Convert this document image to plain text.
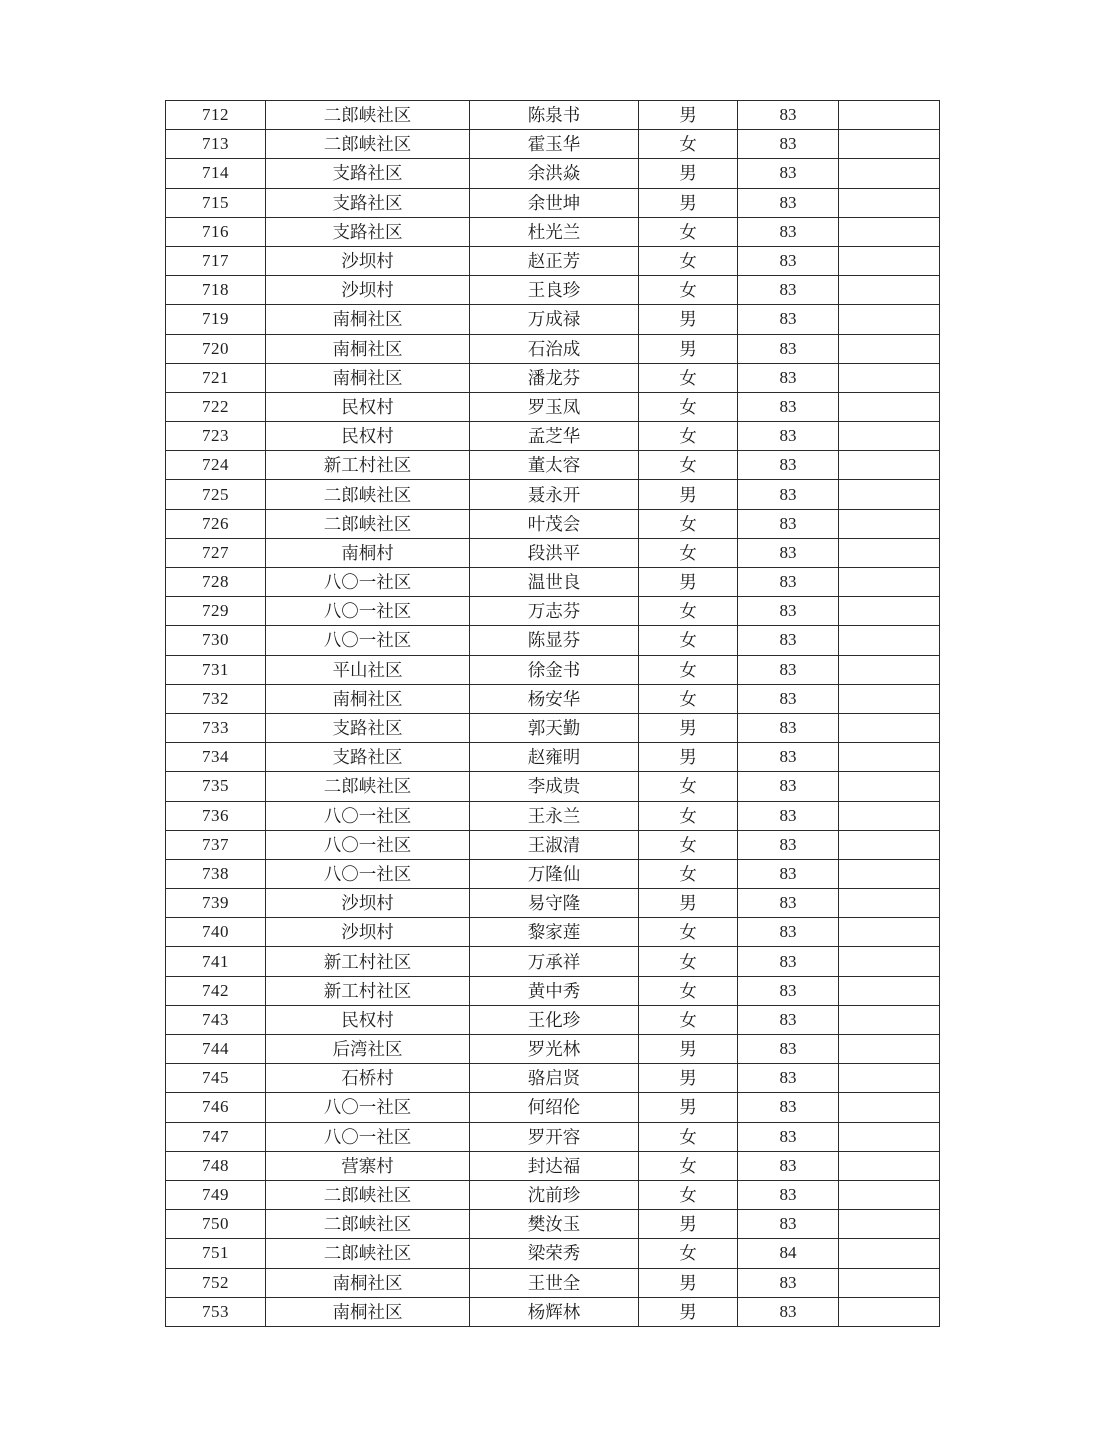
712	二郎峡社区	陈泉书	男	83	
713	二郎峡社区	霍玉华	女	83	
714	支路社区	余洪焱	男	83	
715	支路社区	余世坤	男	83	
716	支路社区	杜光兰	女	83	
717	沙坝村	赵正芳	女	83	
718	沙坝村	王良珍	女	83	
719	南桐社区	万成禄	男	83	
720	南桐社区	石治成	男	83	
721	南桐社区	潘龙芬	女	83	
722	民权村	罗玉凤	女	83	
723	民权村	孟芝华	女	83	
724	新工村社区	董太容	女	83	
725	二郎峡社区	聂永开	男	83	
726	二郎峡社区	叶茂会	女	83	
727	南桐村	段洪平	女	83	
728	八〇一社区	温世良	男	83	
729	八〇一社区	万志芬	女	83	
730	八〇一社区	陈显芬	女	83	
731	平山社区	徐金书	女	83	
732	南桐社区	杨安华	女	83	
733	支路社区	郭天勤	男	83	
734	支路社区	赵雍明	男	83	
735	二郎峡社区	李成贵	女	83	
736	八〇一社区	王永兰	女	83	
737	八〇一社区	王淑清	女	83	
738	八〇一社区	万隆仙	女	83	
739	沙坝村	易守隆	男	83	
740	沙坝村	黎家莲	女	83	
741	新工村社区	万承祥	女	83	
742	新工村社区	黄中秀	女	83	
743	民权村	王化珍	女	83	
744	后湾社区	罗光林	男	83	
745	石桥村	骆启贤	男	83	
746	八〇一社区	何绍伦	男	83	
747	八〇一社区	罗开容	女	83	
748	营寨村	封达福	女	83	
749	二郎峡社区	沈前珍	女	83	
750	二郎峡社区	樊汝玉	男	83	
751	二郎峡社区	梁荣秀	女	84	
752	南桐社区	王世全	男	83	
753	南桐社区	杨辉林	男	83	
